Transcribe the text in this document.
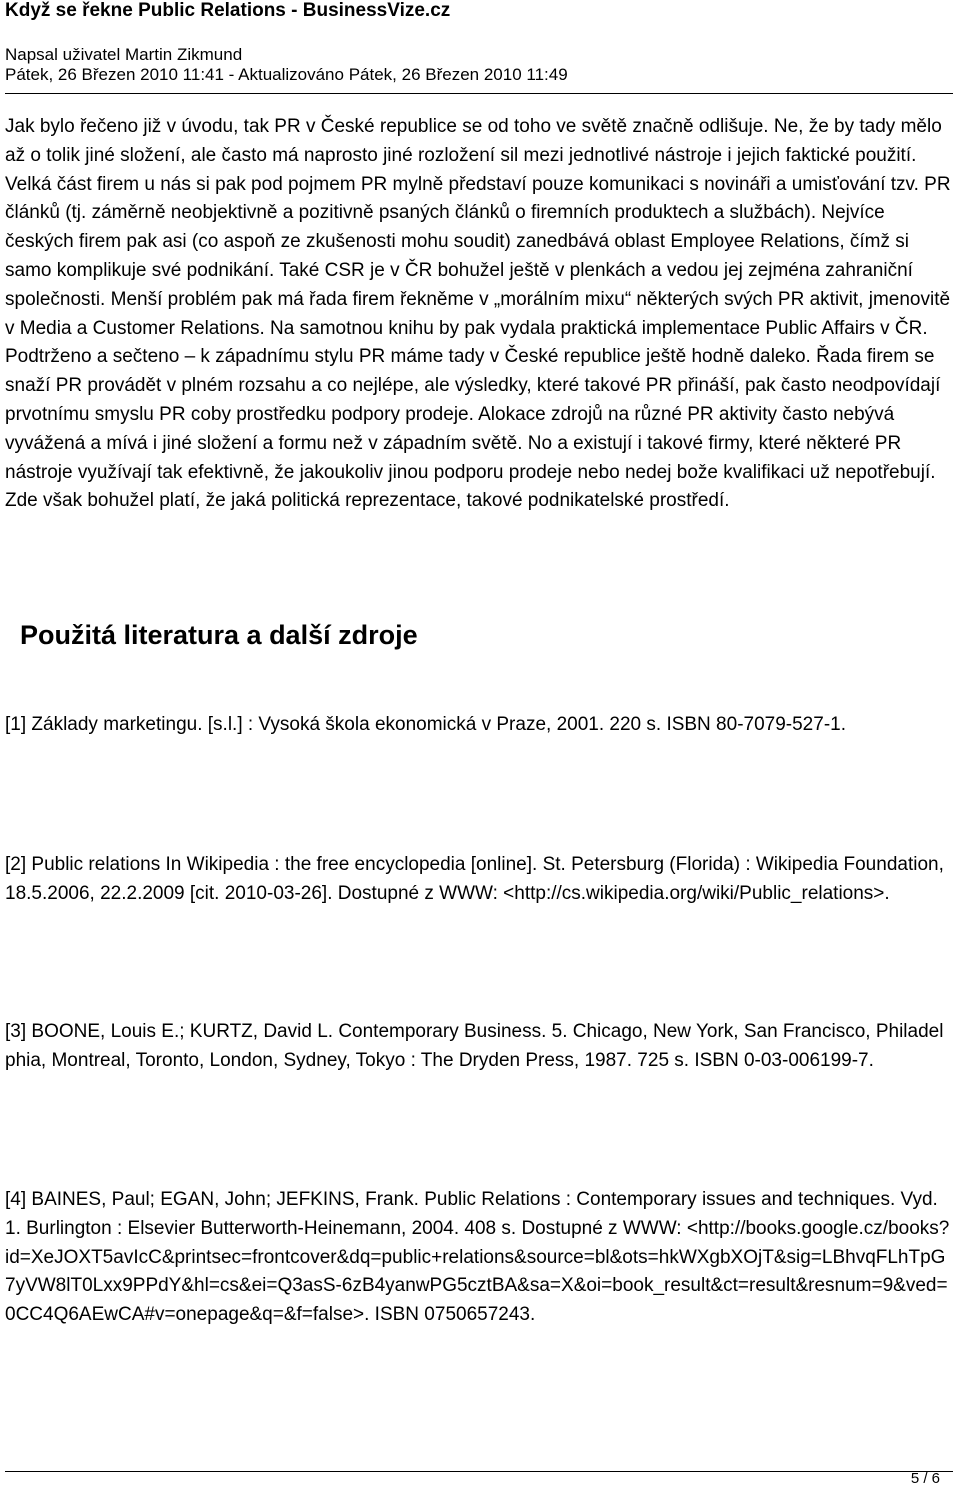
Když se řekne Public Relations - BusinessVize.cz
Napsal uživatel Martin Zikmund
Pátek, 26 Březen 2010 11:41 - Aktualizováno Pátek, 26 Březen 2010 11:49

Jak bylo řečeno již v úvodu, tak PR v České republice se od toho ve světě značně odlišuje. Ne, že by tady mělo až o tolik jiné složení, ale často má naprosto jiné rozložení sil mezi jednotlivé nástroje i jejich faktické použití. Velká část firem u nás si pak pod pojmem PR mylně představí pouze komunikaci s novináři a umisťování tzv. PR článků (tj. záměrně neobjektivně a pozitivně psaných článků o firemních produktech a službách). Nejvíce českých firem pak asi (co aspoň ze zkušenosti mohu soudit) zanedbává oblast Employee Relations, čímž si samo komplikuje své podnikání. Také CSR je v ČR bohužel ještě v plenkách a vedou jej zejména zahraniční společnosti. Menší problém pak má řada firem řekněme v „morálním mixu“ některých svých PR aktivit, jmenovitě v Media a Customer Relations. Na samotnou knihu by pak vydala praktická implementace Public Affairs v ČR. Podtrženo a sečteno – k západnímu stylu PR máme tady v České republice ještě hodně daleko. Řada firem se snaží PR provádět v plném rozsahu a co nejlépe, ale výsledky, které takové PR přináší, pak často neodpovídají prvotnímu smyslu PR coby prostředku podpory prodeje. Alokace zdrojů na různé PR aktivity často nebývá vyvážená a mívá i jiné složení a formu než v západním světě. No a existují i takové firmy, které některé PR nástroje využívají tak efektivně, že jakoukoliv jinou podporu prodeje nebo nedej bože kvalifikaci už nepotřebují. Zde však bohužel platí, že jaká politická reprezentace, takové podnikatelské prostředí.

Použitá literatura a další zdroje

[1] Základy marketingu. [s.l.] : Vysoká škola ekonomická v Praze, 2001. 220 s. ISBN 80-7079-527-1.

[2] Public relations In Wikipedia : the free encyclopedia [online]. St. Petersburg (Florida) : Wikipedia Foundation, 18.5.2006, 22.2.2009 [cit. 2010-03-26]. Dostupné z WWW: <http://cs.wikipedia.org/wiki/Public_relations>.

[3] BOONE, Louis E.; KURTZ, David L. Contemporary Business. 5. Chicago, New York, San Francisco, Philadelphia, Montreal, Toronto, London, Sydney, Tokyo : The Dryden Press, 1987. 725 s. ISBN 0-03-006199-7.

[4] BAINES, Paul; EGAN, John; JEFKINS, Frank. Public Relations : Contemporary issues and techniques. Vyd. 1. Burlington : Elsevier Butterworth-Heinemann, 2004. 408 s. Dostupné z WWW: <http://books.google.cz/books?id=XeJOXT5avIcC&printsec=frontcover&dq=public+relations&source=bl&ots=hkWXgbXOjT&sig=LBhvqFLhTpG7yVW8lT0Lxx9PPdY&hl=cs&ei=Q3asS-6zB4yanwPG5cztBA&sa=X&oi=book_result&ct=result&resnum=9&ved=0CC4Q6AEwCA#v=onepage&q=&f=false>. ISBN 0750657243.

5 / 6
